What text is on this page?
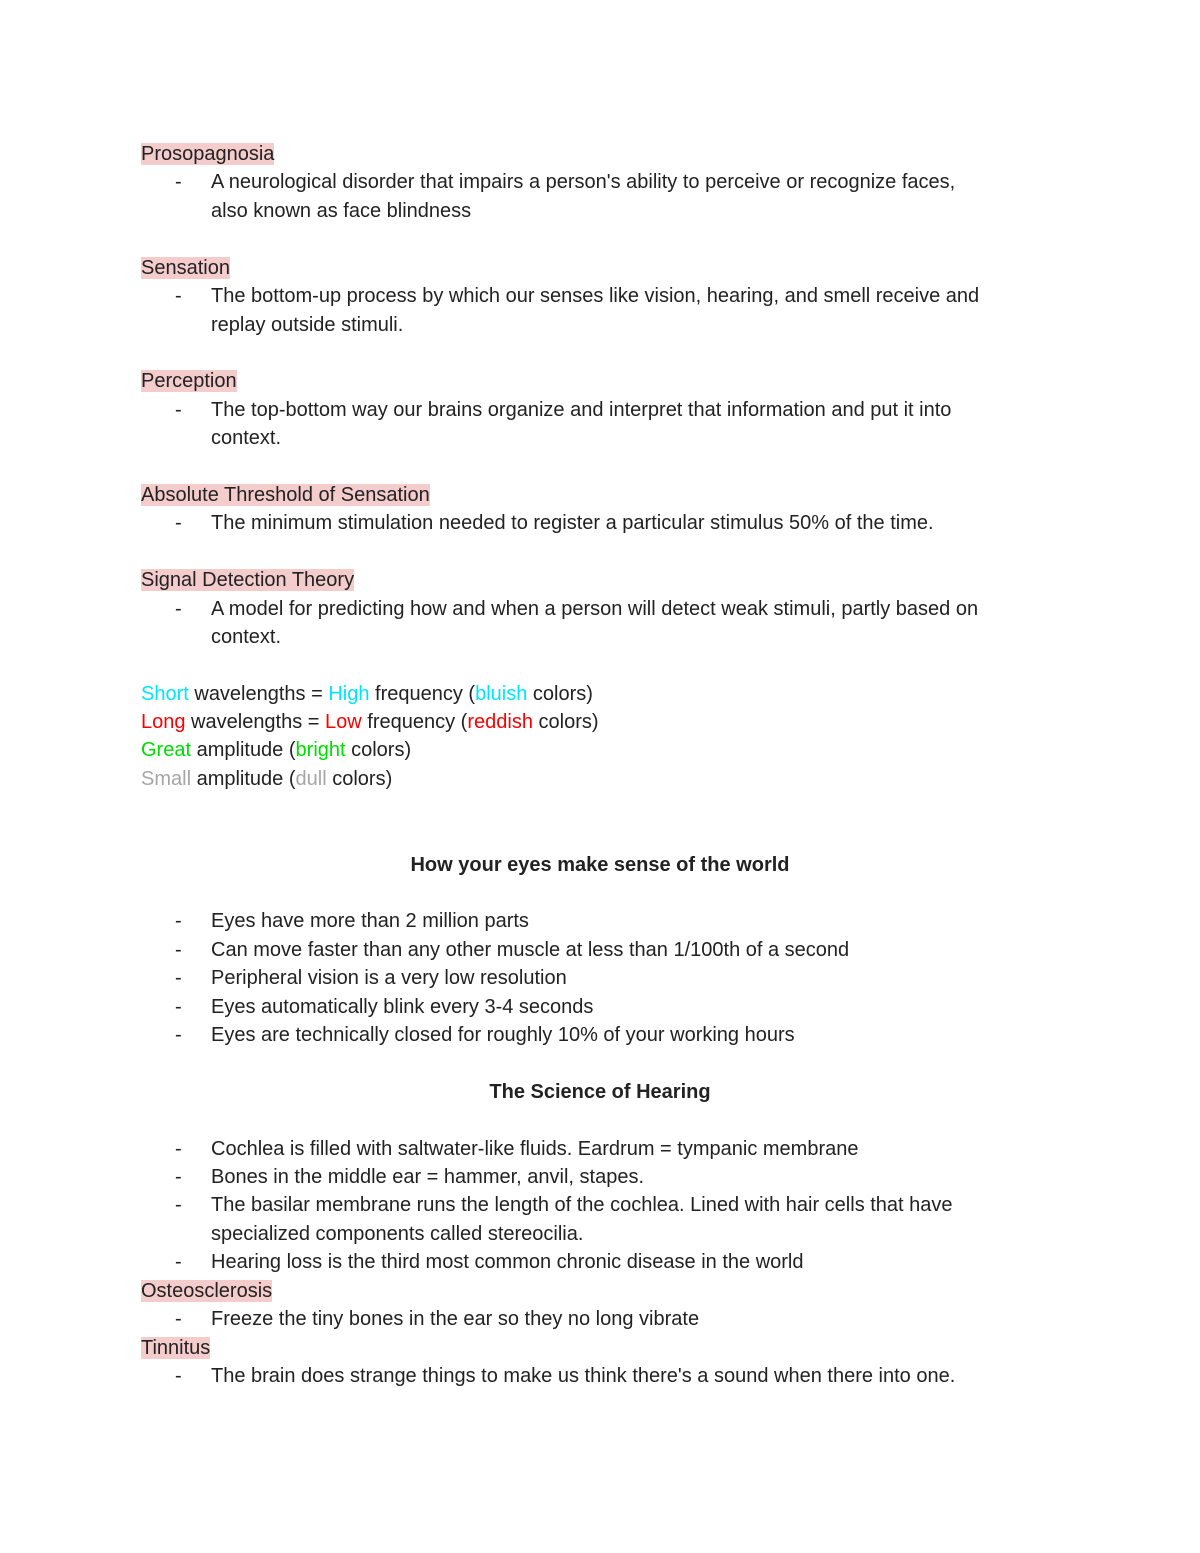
Prosopagnosia
- A neurological disorder that impairs a person's ability to perceive or recognize faces,
also known as face blindness
Sensation
- The bottom-up process by which our senses like vision, hearing, and smell receive and
replay outside stimuli.
Perception
- The top-bottom way our brains organize and interpret that information and put it into
context.
Absolute Threshold of Sensation
- The minimum stimulation needed to register a particular stimulus 50% of the time.
Signal Detection Theory
- A model for predicting how and when a person will detect weak stimuli, partly based on
context.
Short wavelengths = High frequency (bluish colors)
Long wavelengths = Low frequency (reddish colors)
Great amplitude (bright colors)
Small amplitude (dull colors)
How your eyes make sense of the world
- Eyes have more than 2 million parts
- Can move faster than any other muscle at less than 1/100th of a second
- Peripheral vision is a very low resolution
- Eyes automatically blink every 3-4 seconds
- Eyes are technically closed for roughly 10% of your working hours
The Science of Hearing
- Cochlea is filled with saltwater-like fluids. Eardrum = tympanic membrane
- Bones in the middle ear = hammer, anvil, stapes.
- The basilar membrane runs the length of the cochlea. Lined with hair cells that have
specialized components called stereocilia.
- Hearing loss is the third most common chronic disease in the world
Osteosclerosis
- Freeze the tiny bones in the ear so they no long vibrate
Tinnitus
- The brain does strange things to make us think there's a sound when there into one.
